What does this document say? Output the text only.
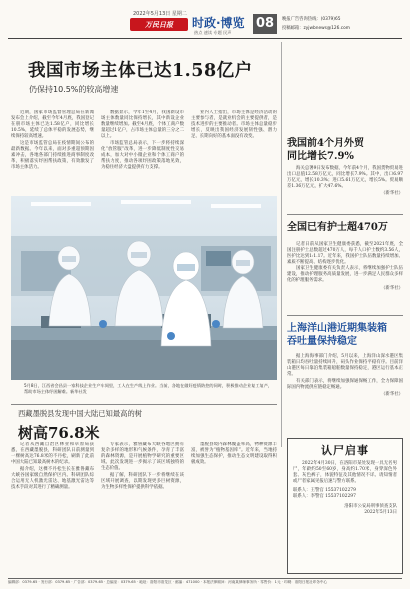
2022年5月13日 星期二
万民日报	时政·博览
热点 速读 专题 民声
08	晚报广告咨询热线：(0379)65
投稿邮箱：zyjwbnews@126.com
我国市场主体已达1.58亿户
仍保持10.5%的较高增速

近期，国家市场监督管理总局在新闻发布会上介绍，截至今年4月底，我国登记在册市场主体已达1.58亿户，同比增长10.5%，延续了总体平稳的发展态势，继续保持较高增速。

这是市场监管总局在疫情期间公布的最新数据。今年以来，面对多重超预期因素冲击，各地各部门持续推进商事制度改革，积极落实纾困帮扶政策，有效激发了市场主体活力。

数据显示，今年1至4月，我国新设市场主体数量同比保持增长，其中新设企业数量继续增加。截至4月底，个体工商户数量超过1亿户，占市场主体总量的三分之二以上。

市场监管总局表示，下一步将持续深化“放管服”改革，进一步降低制度性交易成本，加大对中小微企业和个体工商户的帮扶力度，推动各项纾困政策落地见效，为稳住经济大盘提供有力支撑。

业内人士指出，市场主体是经济活动的主要参与者，是就业机会的主要提供者，是技术进步的主要推动者。市场主体总量稳步增长，反映出我国经济发展韧性强、潜力足、长期向好的基本面没有改变。

5月8日，江西省会昌县一家科技企业生产车间里，工人在生产线上作业。当前，各地在做好疫情防控的同时，积极推动企业复工复产，帮助市场主体纾困解难。新华社发
我国前4个月外贸
同比增长7.9%

海关总署9日发布数据，今年前4个月，我国货物贸易进出口总值12.58万亿元，同比增长7.9%。其中，出口6.97万亿元，增长10.3%；进口5.61万亿元，增长5%。贸易顺差1.36万亿元，扩大47.6%。

（新华社）
全国已有护士超470万

记者日前从国家卫生健康委获悉，截至2021年底，全国注册护士总数超过470万人，每千人口护士数约3.56人，医护比达到1:1.17。近年来，我国护士队伍数量持续增加、素质不断提高、结构逐步优化。

国家卫生健康委有关负责人表示，将继续加强护士队伍建设，推动护理服务高质量发展，进一步满足人民群众多样化的护理服务需求。

（新华社）
上海洋山港近期集装箱
吞吐量保持稳定

据上海海事部门介绍，5月以来，上海洋山深水港区集装箱日均吞吐量持续回升，码头作业保持平稳有序。目前洋山港区每日靠泊集装箱船舶数量保持稳定，港区运行基本正常。

有关部门表示，将继续加强保通保畅工作，全力保障国际国内物流供应链稳定畅通。

（新华社）
西藏墨脱县发现中国大陆已知最高的树
树高76.8米

记者从西藏自治区林业和草原局获悉，在西藏墨脱县，科研团队日前测量到一棵树高达76.8米的不丹松，刷新了此前中国大陆已知最高树木的纪录。

据介绍，这棵不丹松生长在雅鲁藏布大峡谷国家级自然保护区内。科研团队综合运用无人机激光雷达、地基激光雷达等技术手段对其进行了精确测量。

专家表示，雅鲁藏布大峡谷地区拥有复杂多样的地形和气候条件，孕育了丰富的森林资源，是开展植物学研究的重要区域。此次发现进一步揭示了该区域独特的生态价值。

据了解，科研团队下一步将继续在该区域开展调查，以期发现更多巨树资源，为生物多样性保护提供科学依据。

墨脱县境内森林覆盖率高，物种资源丰富，被誉为“植物基因库”。近年来，当地持续加强生态保护，推动生态文明建设取得积极成效。

认尸启事

2022年4月30日，在洛阳市某处发现一具无名男尸，年龄约50至60岁，身高约1.70米，身穿深色外套、灰色裤子，体貌特征及其他情况不详。请知情者或尸者家属见报后速与警方联系。

联系人：王警官 15537102279
联系人：李警官 15537102297
洛阳市公安局刑事侦查支队
2022年5月13日
编辑部：0379-65 · 发行部：0379-65 · 广告部：0379-65 · 总编室：0379-65 · 地址：洛阳市洛龙区 · 邮编：471000 · 本报法律顾问：河南某律师事务所 · 零售价：1元 · 印刷：洛阳日报社印务中心
